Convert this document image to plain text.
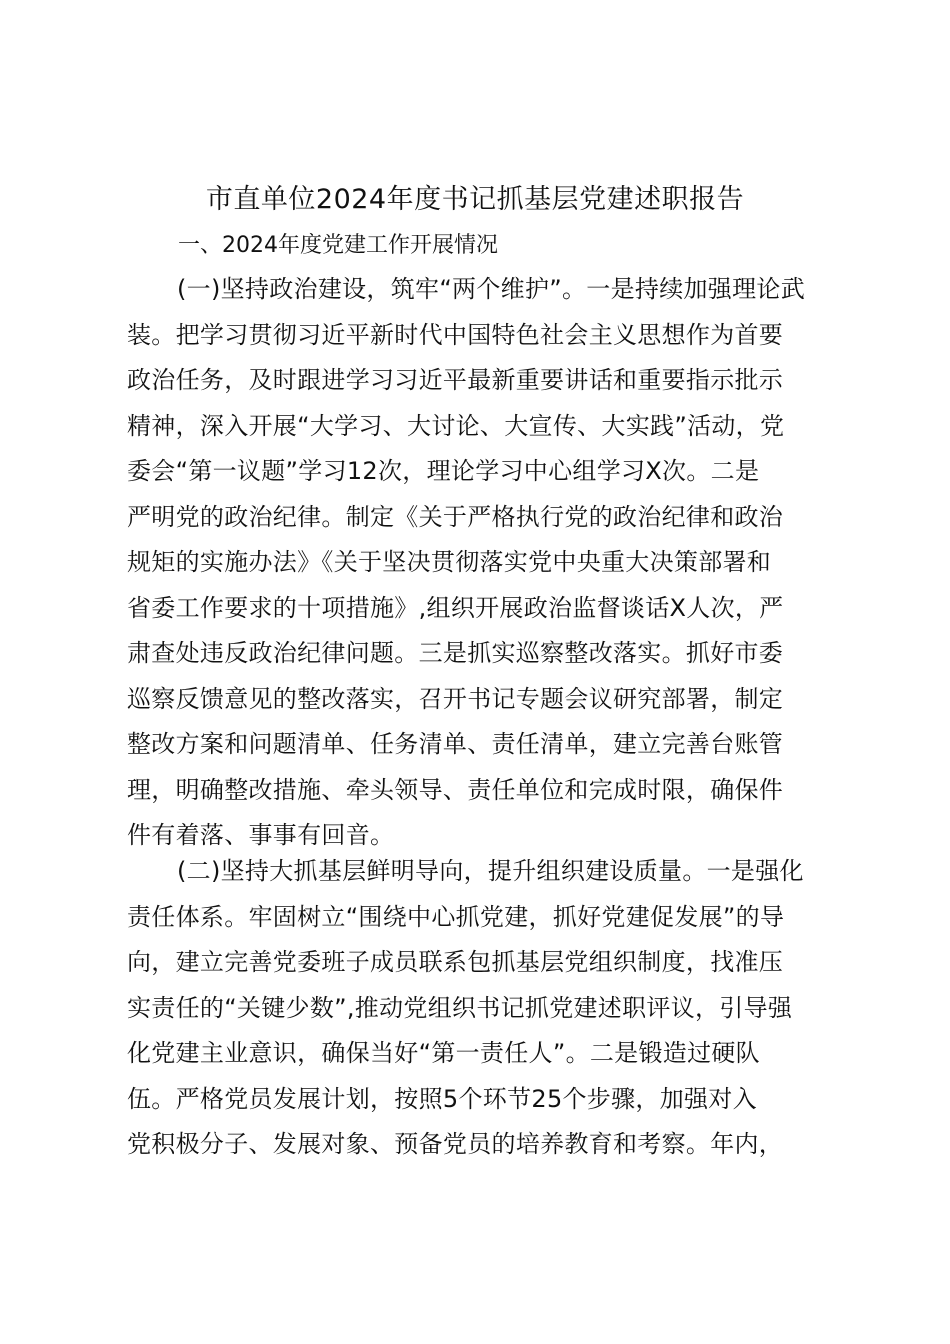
市直单位2024年度书记抓基层党建述职报告
一、2024年度党建工作开展情况
(一)坚持政治建设，筑牢“两个维护”。一是持续加强理论武
装。把学习贯彻习近平新时代中国特色社会主义思想作为首要
政治任务，及时跟进学习习近平最新重要讲话和重要指示批示
精神，深入开展“大学习、大讨论、大宣传、大实践”活动，党
委会“第一议题”学习12次，理论学习中心组学习X次。二是
严明党的政治纪律。制定《关于严格执行党的政治纪律和政治
规矩的实施办法》《关于坚决贯彻落实党中央重大决策部署和
省委工作要求的十项措施》,组织开展政治监督谈话X人次，严
肃查处违反政治纪律问题。三是抓实巡察整改落实。抓好市委
巡察反馈意见的整改落实，召开书记专题会议研究部署，制定
整改方案和问题清单、任务清单、责任清单，建立完善台账管
理，明确整改措施、牵头领导、责任单位和完成时限，确保件
件有着落、事事有回音。
(二)坚持大抓基层鲜明导向，提升组织建设质量。一是强化
责任体系。牢固树立“围绕中心抓党建，抓好党建促发展”的导
向，建立完善党委班子成员联系包抓基层党组织制度，找准压
实责任的“关键少数”,推动党组织书记抓党建述职评议，引导强
化党建主业意识，确保当好“第一责任人”。二是锻造过硬队
伍。严格党员发展计划，按照5个环节25个步骤，加强对入
党积极分子、发展对象、预备党员的培养教育和考察。年内，
